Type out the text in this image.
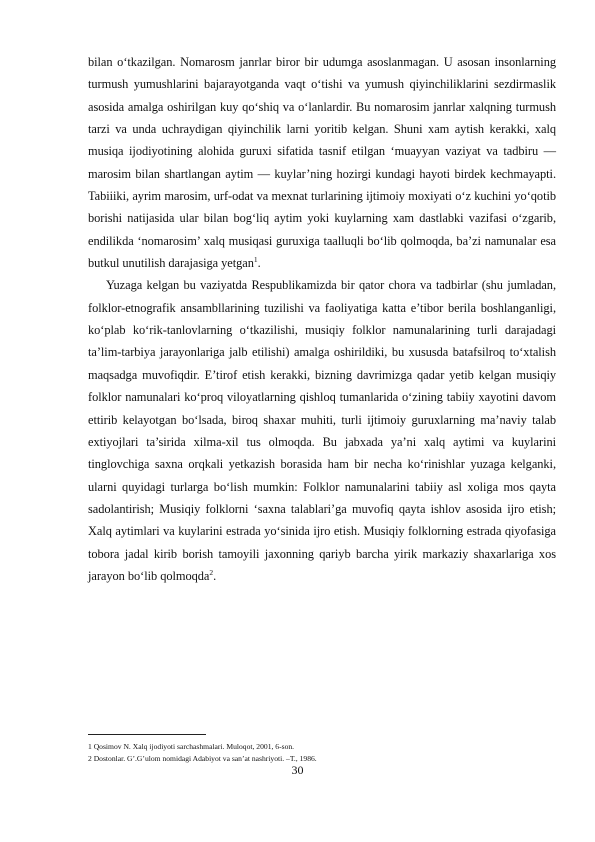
bilan o‘tkazilgan. Nomarosm janrlar biror bir udumga asoslanmagan. U asosan insonlarning turmush yumushlarini bajarayotganda vaqt o‘tishi va yumush qiyinchiliklarini sezdirmaslik asosida amalga oshirilgan kuy qo‘shiq va o‘lanlardir. Bu nomarosim janrlar xalqning turmush tarzi va unda uchraydigan qiyinchilik larni yoritib kelgan. Shuni xam aytish kerakki, xalq musiqa ijodiyotining alohida guruxi sifatida tasnif etilgan ‘muayyan vaziyat va tadbiru — marosim bilan shartlangan aytim — kuylar’ning hozirgi kundagi hayoti birdek kechmayapti. Tabiiiki, ayrim marosim, urf-odat va mexnat turlarining ijtimoiy moxiyati o‘z kuchini yo‘qotib borishi natijasida ular bilan bog‘liq aytim yoki kuylarning xam dastlabki vazifasi o‘zgarib, endilikda ‘nomarosim’ xalq musiqasi guruxiga taalluqli bo‘lib qolmoqda, ba’zi namunalar esa butkul unutilish darajasiga yetgan$^1$.

Yuzaga kelgan bu vaziyatda Respublikamizda bir qator chora va tadbirlar (shu jumladan, folklor-etnografik ansambllarining tuzilishi va faoliyatiga katta e’tibor berila boshlanganligi, ko‘plab ko‘rik-tanlovlarning o‘tkazilishi, musiqiy folklor namunalarining turli darajadagi ta’lim-tarbiya jarayonlariga jalb etilishi) amalga oshirildiki, bu xususda batafsilroq to‘xtalish maqsadga muvofiqdir. E’tirof etish kerakki, bizning davrimizga qadar yetib kelgan musiqiy folklor namunalari ko‘proq viloyatlarning qishloq tumanlarida o‘zining tabiiy xayotini davom ettirib kelayotgan bo‘lsada, biroq shaxar muhiti, turli ijtimoiy guruxlarning ma’naviy talab extiyojlari ta’sirida xilma-xil tus olmoqda. Bu jabxada ya’ni xalq aytimi va kuylarini tinglovchiga saxna orqkali yetkazish borasida ham bir necha ko‘rinishlar yuzaga kelganki, ularni quyidagi turlarga bo‘lish mumkin: Folklor namunalarini tabiiy asl xoliga mos qayta sadolantirish; Musiqiy folklorni ‘saxna talablari’ga muvofiq qayta ishlov asosida ijro etish; Xalq aytimlari va kuylarini estrada yo‘sinida ijro etish. Musiqiy folklorning estrada qiyofasiga tobora jadal kirib borish tamoyili jaxonning qariyb barcha yirik markaziy shaxarlariga xos jarayon bo‘lib qolmoqda$^2$.

1 Qosimov N. Xalq ijodiyoti sarchashmalari. Muloqot, 2001, 6-son.

2 Dostonlar. G’.G’ulom nomidagi Adabiyot va san’at nashriyoti. –T., 1986.

30
